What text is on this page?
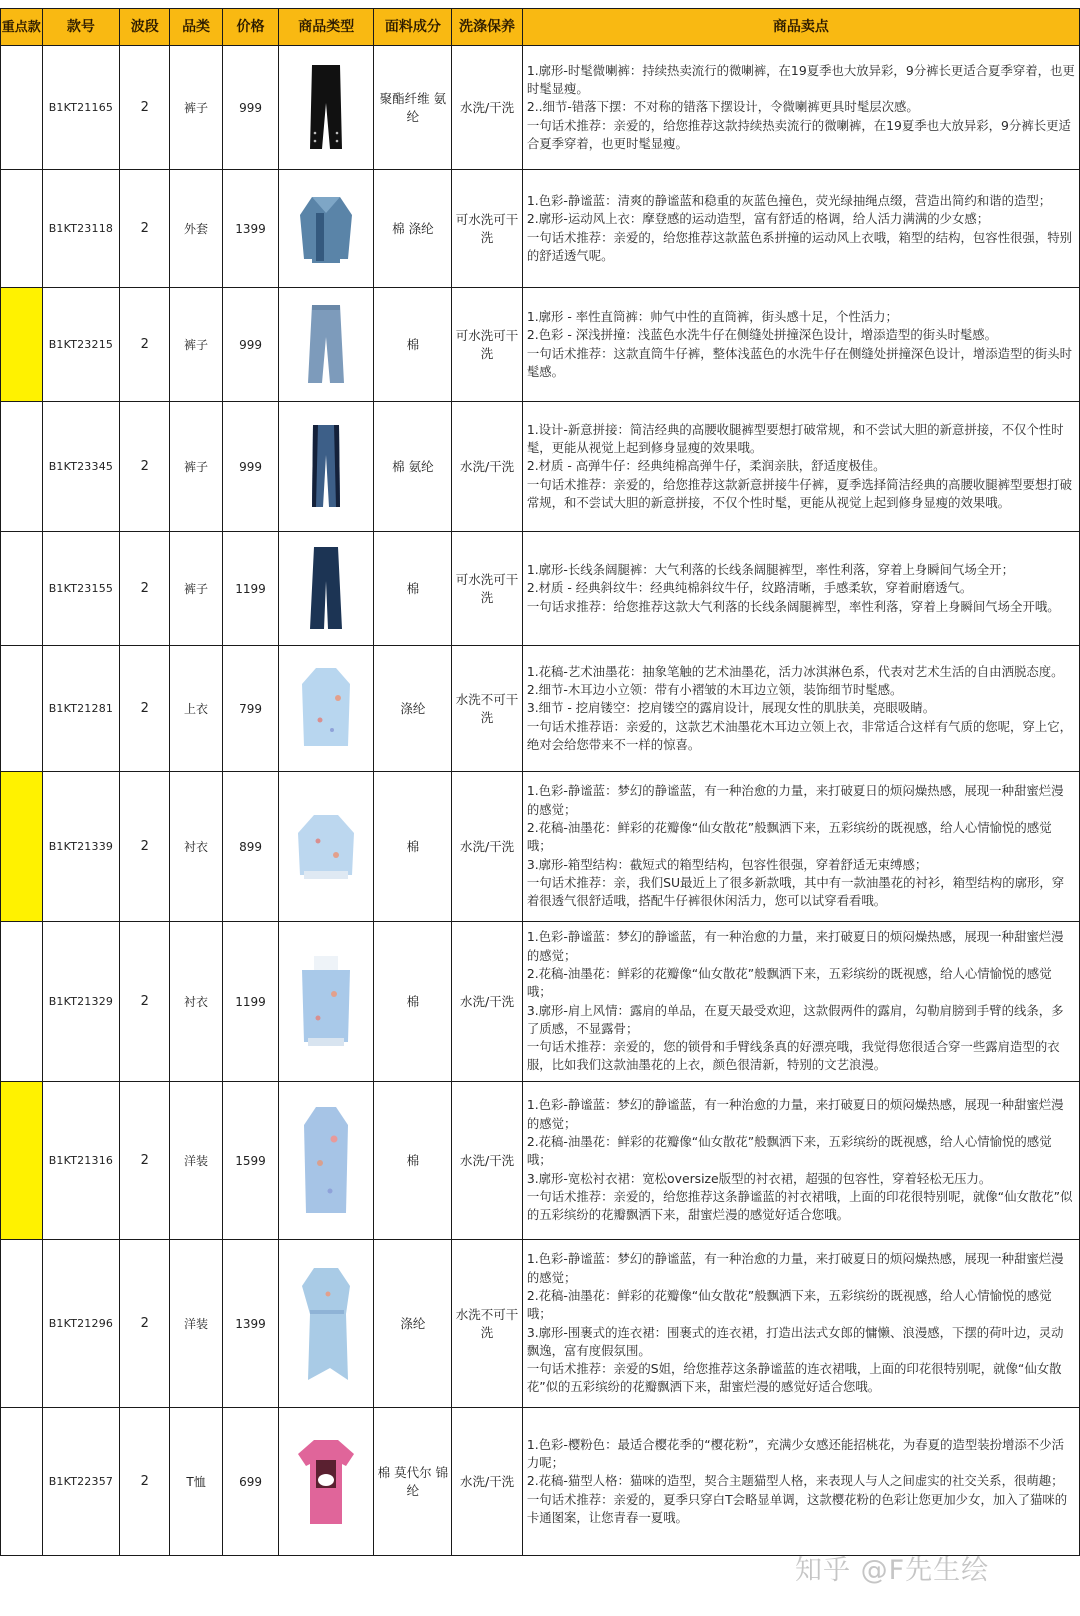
重点款	款号	波段	品类	价格	商品类型	面料成分	洗涤保养	商品卖点
	B1KT21165	2	裤子	999		聚酯纤维 氨纶	水洗/干洗	1.廓形-时髦微喇裤：持续热卖流行的微喇裤，在19夏季也大放异彩，9分裤长更适合夏季穿着，也更时髦显瘦。
2..细节-错落下摆：不对称的错落下摆设计，令微喇裤更具时髦层次感。
一句话术推荐：亲爱的，给您推荐这款持续热卖流行的微喇裤，在19夏季也大放异彩，9分裤长更适合夏季穿着，也更时髦显瘦。

	B1KT23118	2	外套	1399		棉 涤纶	可水洗可干洗	1.色彩-静谧蓝：清爽的静谧蓝和稳重的灰蓝色撞色，荧光绿抽绳点缀，营造出简约和谐的造型；
2.廓形-运动风上衣：摩登感的运动造型，富有舒适的格调，给人活力满满的少女感；
一句话术推荐：亲爱的，给您推荐这款蓝色系拼撞的运动风上衣哦，箱型的结构，包容性很强，特别的舒适透气呢。

	B1KT23215	2	裤子	999		棉	可水洗可干洗	1.廓形 - 率性直筒裤：帅气中性的直筒裤，街头感十足，个性活力；
2.色彩 - 深浅拼撞：浅蓝色水洗牛仔在侧缝处拼撞深色设计，增添造型的街头时髦感。
一句话术推荐：这款直筒牛仔裤，整体浅蓝色的水洗牛仔在侧缝处拼撞深色设计，增添造型的街头时髦感。

	B1KT23345	2	裤子	999		棉 氨纶	水洗/干洗	1.设计-新意拼接：简洁经典的高腰收腿裤型要想打破常规，和不尝试大胆的新意拼接，不仅个性时髦，更能从视觉上起到修身显瘦的效果哦。
2.材质 - 高弹牛仔：经典纯棉高弹牛仔，柔润亲肤，舒适度极佳。
一句话术推荐：亲爱的，给您推荐这款新意拼接牛仔裤，夏季选择简洁经典的高腰收腿裤型要想打破常规，和不尝试大胆的新意拼接，不仅个性时髦，更能从视觉上起到修身显瘦的效果哦。

	B1KT23155	2	裤子	1199		棉	可水洗可干洗	1.廓形-长线条阔腿裤：大气利落的长线条阔腿裤型，率性利落，穿着上身瞬间气场全开；
2.材质 - 经典斜纹牛：经典纯棉斜纹牛仔，纹路清晰，手感柔软，穿着耐磨透气。
一句话求推荐：给您推荐这款大气利落的长线条阔腿裤型，率性利落，穿着上身瞬间气场全开哦。

	B1KT21281	2	上衣	799		涤纶	水洗不可干洗	1.花稿-艺术油墨花：抽象笔触的艺术油墨花，活力冰淇淋色系，代表对艺术生活的自由洒脱态度。
2.细节-木耳边小立领：带有小褶皱的木耳边立领，装饰细节时髦感。
3.细节 - 挖肩镂空：挖肩镂空的露肩设计，展现女性的肌肤美，亮眼吸睛。
一句话术推荐语：亲爱的，这款艺术油墨花木耳边立领上衣，非常适合这样有气质的您呢，穿上它，绝对会给您带来不一样的惊喜。

	B1KT21339	2	衬衣	899		棉	水洗/干洗	1.色彩-静谧蓝：梦幻的静谧蓝，有一种治愈的力量，来打破夏日的烦闷燥热感，展现一种甜蜜烂漫的感觉；
2.花稿-油墨花：鲜彩的花瓣像“仙女散花”般飘洒下来，五彩缤纷的既视感，给人心情愉悦的感觉哦；
3.廓形-箱型结构：截短式的箱型结构，包容性很强，穿着舒适无束缚感；
一句话术推荐：亲，我们SU最近上了很多新款哦，其中有一款油墨花的衬衫，箱型结构的廓形，穿着很透气很舒适哦，搭配牛仔裤很休闲活力，您可以试穿看看哦。

	B1KT21329	2	衬衣	1199		棉	水洗/干洗	1.色彩-静谧蓝：梦幻的静谧蓝，有一种治愈的力量，来打破夏日的烦闷燥热感，展现一种甜蜜烂漫的感觉；
2.花稿-油墨花：鲜彩的花瓣像“仙女散花”般飘洒下来，五彩缤纷的既视感，给人心情愉悦的感觉哦；
3.廓形-肩上风情：露肩的单品，在夏天最受欢迎，这款假两件的露肩，勾勒肩膀到手臂的线条，多了质感，不显露骨；
一句话术推荐：亲爱的，您的锁骨和手臂线条真的好漂亮哦，我觉得您很适合穿一些露肩造型的衣服，比如我们这款油墨花的上衣，颜色很清新，特别的文艺浪漫。

	B1KT21316	2	洋装	1599		棉	水洗/干洗	1.色彩-静谧蓝：梦幻的静谧蓝，有一种治愈的力量，来打破夏日的烦闷燥热感，展现一种甜蜜烂漫的感觉；
2.花稿-油墨花：鲜彩的花瓣像“仙女散花”般飘洒下来，五彩缤纷的既视感，给人心情愉悦的感觉哦；
3.廓形-宽松衬衣裙：宽松oversize版型的衬衣裙，超强的包容性，穿着轻松无压力。
一句话术推荐：亲爱的，给您推荐这条静谧蓝的衬衣裙哦，上面的印花很特别呢，就像“仙女散花”似的五彩缤纷的花瓣飘洒下来，甜蜜烂漫的感觉好适合您哦。

	B1KT21296	2	洋装	1399		涤纶	水洗不可干洗	1.色彩-静谧蓝：梦幻的静谧蓝，有一种治愈的力量，来打破夏日的烦闷燥热感，展现一种甜蜜烂漫的感觉；
2.花稿-油墨花：鲜彩的花瓣像“仙女散花”般飘洒下来，五彩缤纷的既视感，给人心情愉悦的感觉哦；
3.廓形-围裹式的连衣裙：围裹式的连衣裙，打造出法式女郎的慵懒、浪漫感，下摆的荷叶边，灵动飘逸，富有度假氛围。
一句话术推荐：亲爱的S姐，给您推荐这条静谧蓝的连衣裙哦，上面的印花很特别呢，就像“仙女散花”似的五彩缤纷的花瓣飘洒下来，甜蜜烂漫的感觉好适合您哦。

	B1KT22357	2	T恤	699		棉 莫代尔 锦纶	水洗/干洗	1.色彩-樱粉色：最适合樱花季的“樱花粉”，充满少女感还能招桃花，为春夏的造型装扮增添不少活力呢；
2.花稿-猫型人格：猫咪的造型，契合主题猫型人格，来表现人与人之间虚实的社交关系，很萌趣；
一句话术推荐：亲爱的，夏季只穿白T会略显单调，这款樱花粉的色彩让您更加少女，加入了猫咪的卡通图案，让您青春一夏哦。
知乎 @F先生绘
